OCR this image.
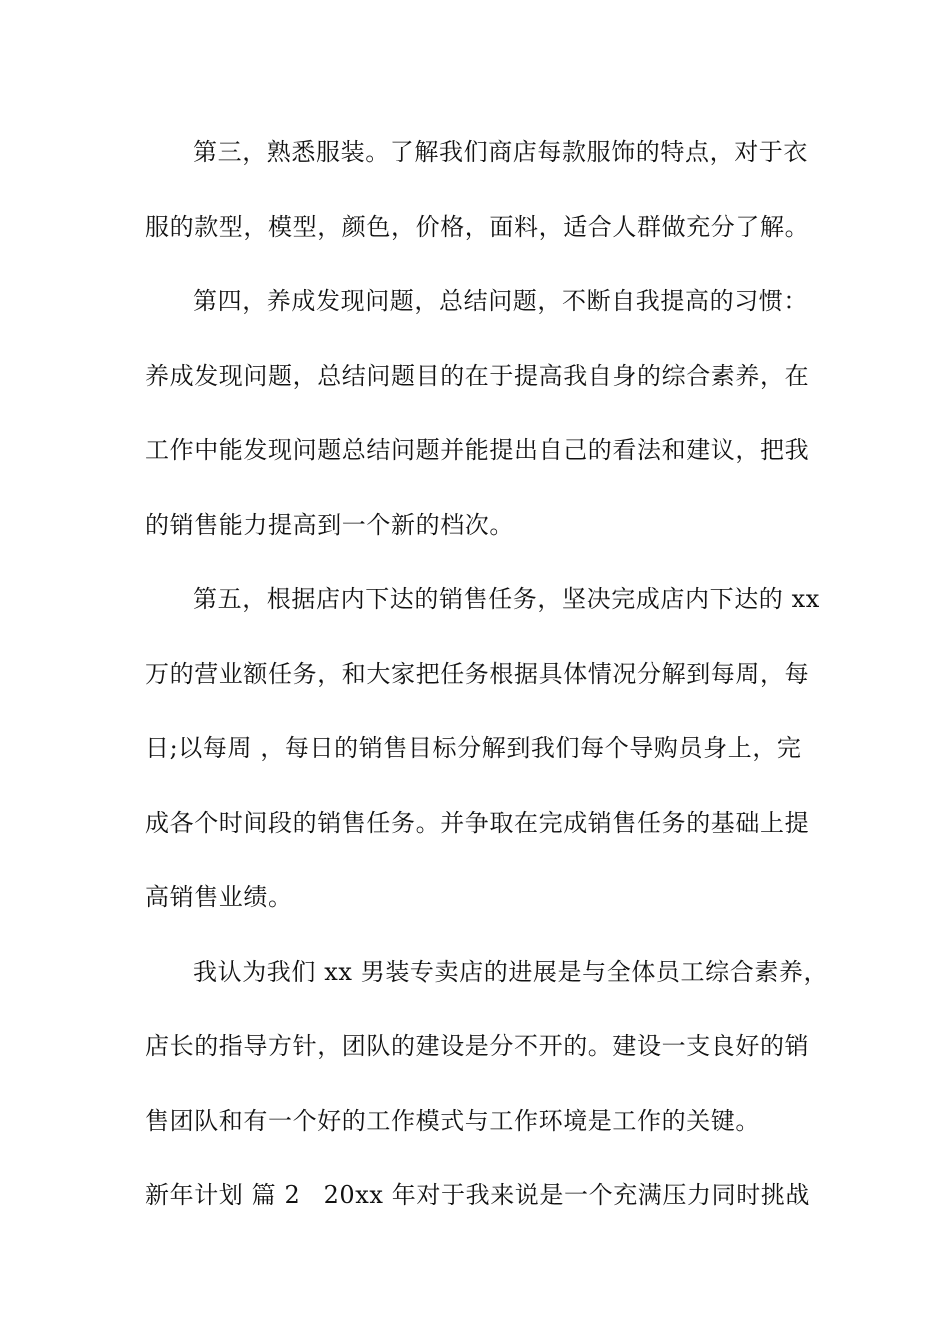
第三，熟悉服装。了解我们商店每款服饰的特点，对于衣
服的款型，模型，颜色，价格，面料，适合人群做充分了解。
第四，养成发现问题，总结问题，不断自我提高的习惯：
养成发现问题，总结问题目的在于提高我自身的综合素养，在
工作中能发现问题总结问题并能提出自己的看法和建议，把我
的销售能力提高到一个新的档次。
第五，根据店内下达的销售任务，坚决完成店内下达的 xx
万的营业额任务，和大家把任务根据具体情况分解到每周，每
日;以每周 ，每日的销售目标分解到我们每个导购员身上，完
成各个时间段的销售任务。并争取在完成销售任务的基础上提
高销售业绩。
我认为我们 xx 男装专卖店的进展是与全体员工综合素养，
店长的指导方针，团队的建设是分不开的。建设一支良好的销
售团队和有一个好的工作模式与工作环境是工作的关键。
新年计划 篇 2 20xx 年对于我来说是一个充满压力同时挑战
